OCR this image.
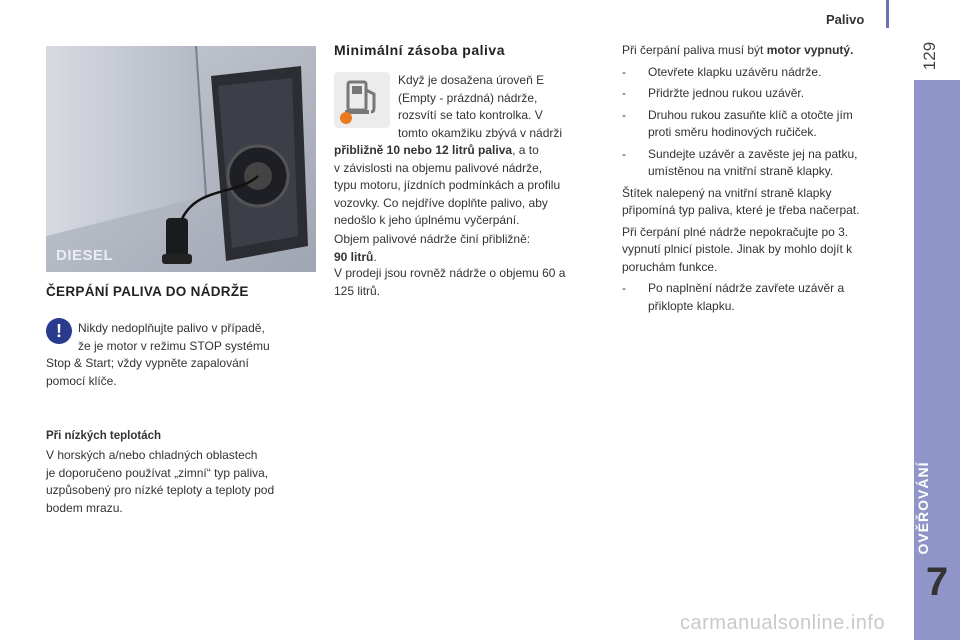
Palivo
129
OVĚŘOVÁNÍ
7
carmanualsonline.info
DIESEL
ČERPÁNÍ PALIVA DO NÁDRŽE
!	Nikdy nedoplňujte palivo v případě,
že je motor v režimu STOP systému
Stop & Start; vždy vypněte zapalování
pomocí klíče.
Při nízkých teplotách
V horských a/nebo chladných oblastech
je doporučeno používat „zimní“ typ paliva,
uzpůsobený pro nízké teploty a teploty pod
bodem mrazu.
Minimální zásoba paliva
Když je dosažena úroveň E
(Empty - prázdná) nádrže,
rozsvítí se tato kontrolka. V
tomto okamžiku zbývá v nádrži
přibližně 10 nebo 12 litrů paliva, a to
v závislosti na objemu palivové nádrže,
typu motoru, jízdních podmínkách a profilu
vozovky. Co nejdříve doplňte palivo, aby
nedošlo k jeho úplnému vyčerpání.
Objem palivové nádrže činí přibližně:
90 litrů.
V prodeji jsou rovněž nádrže o objemu 60 a
125 litrů.
Při čerpání paliva musí být motor vypnutý.
-	Otevřete klapku uzávěru nádrže.
-	Přidržte jednou rukou uzávěr.
-	Druhou rukou zasuňte klíč a otočte jím
proti směru hodinových ručiček.
-	Sundejte uzávěr a zavěste jej na patku,
umístěnou na vnitřní straně klapky.
Štítek nalepený na vnitřní straně klapky
připomíná typ paliva, které je třeba načerpat.
Při čerpání plné nádrže nepokračujte po 3.
vypnutí plnicí pistole. Jinak by mohlo dojít k
poruchám funkce.
-	Po naplnění nádrže zavřete uzávěr a
přiklopte klapku.
